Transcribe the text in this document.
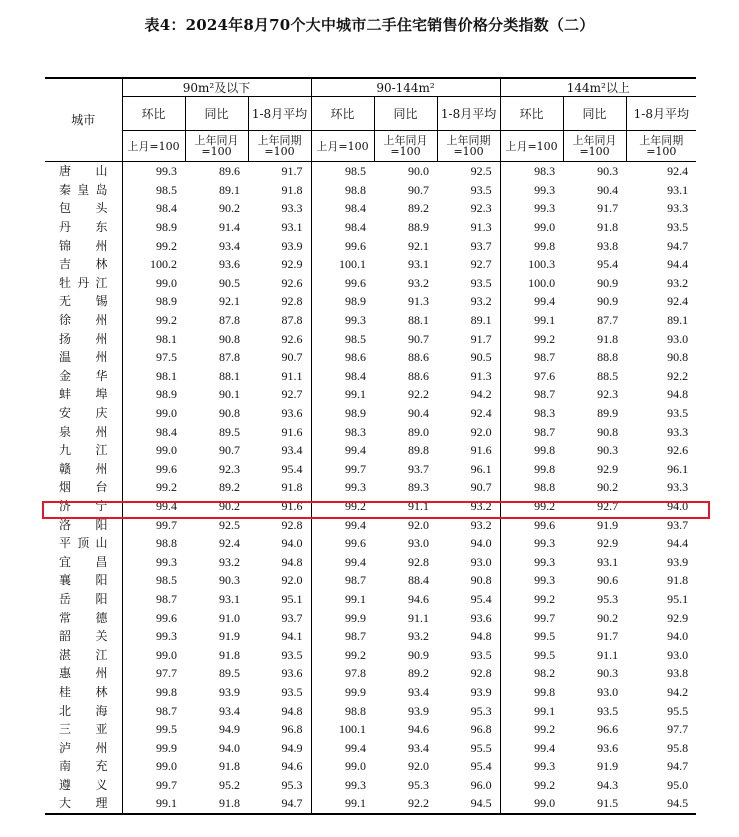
表4：2024年8月70个大中城市二手住宅销售价格分类指数（二）
城市	90m²及以下			90-144m²			144m²以上		
	环比	同比	1-8月平均	环比	同比	1-8月平均	环比	同比	1-8月平均
	上月=100	上年同月=100	上年同期=100	上月=100	上年同月=100	上年同期=100	上月=100	上年同月=100	上年同期=100
唐山	99.3	89.6	91.7	98.5	90.0	92.5	98.3	90.3	92.4
秦皇岛	98.5	89.1	91.8	98.8	90.7	93.5	99.3	90.4	93.1
包头	98.4	90.2	93.3	98.4	89.2	92.3	99.3	91.7	93.3
丹东	98.9	91.4	93.1	98.4	88.9	91.3	99.0	91.8	93.5
锦州	99.2	93.4	93.9	99.6	92.1	93.7	99.8	93.8	94.7
吉林	100.2	93.6	92.9	100.1	93.1	92.7	100.3	95.4	94.4
牡丹江	99.0	90.5	92.6	99.6	93.2	93.5	100.0	90.9	93.2
无锡	98.9	92.1	92.8	98.9	91.3	93.2	99.4	90.9	92.4
徐州	99.2	87.8	87.8	99.3	88.1	89.1	99.1	87.7	89.1
扬州	98.1	90.8	92.6	98.5	90.7	91.7	99.2	91.8	93.0
温州	97.5	87.8	90.7	98.6	88.6	90.5	98.7	88.8	90.8
金华	98.1	88.1	91.1	98.4	88.6	91.3	97.6	88.5	92.2
蚌埠	98.9	90.1	92.7	99.1	92.2	94.2	98.7	92.3	94.8
安庆	99.0	90.8	93.6	98.9	90.4	92.4	98.3	89.9	93.5
泉州	98.4	89.5	91.6	98.3	89.0	92.0	98.7	90.8	93.3
九江	99.0	90.7	93.4	99.4	89.8	91.6	99.8	90.3	92.6
赣州	99.6	92.3	95.4	99.7	93.7	96.1	99.8	92.9	96.1
烟台	99.2	89.2	91.8	99.3	89.3	90.7	98.8	90.2	93.3
济宁	99.4	90.2	91.6	99.2	91.1	93.2	99.2	92.7	94.0
洛阳	99.7	92.5	92.8	99.4	92.0	93.2	99.6	91.9	93.7
平顶山	98.8	92.4	94.0	99.6	93.0	94.0	99.3	92.9	94.4
宜昌	99.3	93.2	94.8	99.4	92.8	93.0	99.3	93.1	93.9
襄阳	98.5	90.3	92.0	98.7	88.4	90.8	99.3	90.6	91.8
岳阳	98.7	93.1	95.1	99.1	94.6	95.4	99.2	95.3	95.1
常德	99.6	91.0	93.7	99.9	91.1	93.6	99.7	90.2	92.9
韶关	99.3	91.9	94.1	98.7	93.2	94.8	99.5	91.7	94.0
湛江	99.0	91.8	93.5	99.2	90.9	93.5	99.5	91.1	93.0
惠州	97.7	89.5	93.6	97.8	89.2	92.8	98.2	90.3	93.8
桂林	99.8	93.9	93.5	99.9	93.4	93.9	99.8	93.0	94.2
北海	98.7	93.4	94.8	98.8	93.9	95.3	99.1	93.5	95.5
三亚	99.5	94.9	96.8	100.1	94.6	96.8	99.2	96.6	97.7
泸州	99.9	94.0	94.9	99.4	93.4	95.5	99.4	93.6	95.8
南充	99.0	91.8	94.6	99.0	92.0	95.4	99.3	91.9	94.7
遵义	99.7	95.2	95.3	99.3	95.3	96.0	99.2	94.3	95.0
大理	99.1	91.8	94.7	99.1	92.2	94.5	99.0	91.5	94.5
